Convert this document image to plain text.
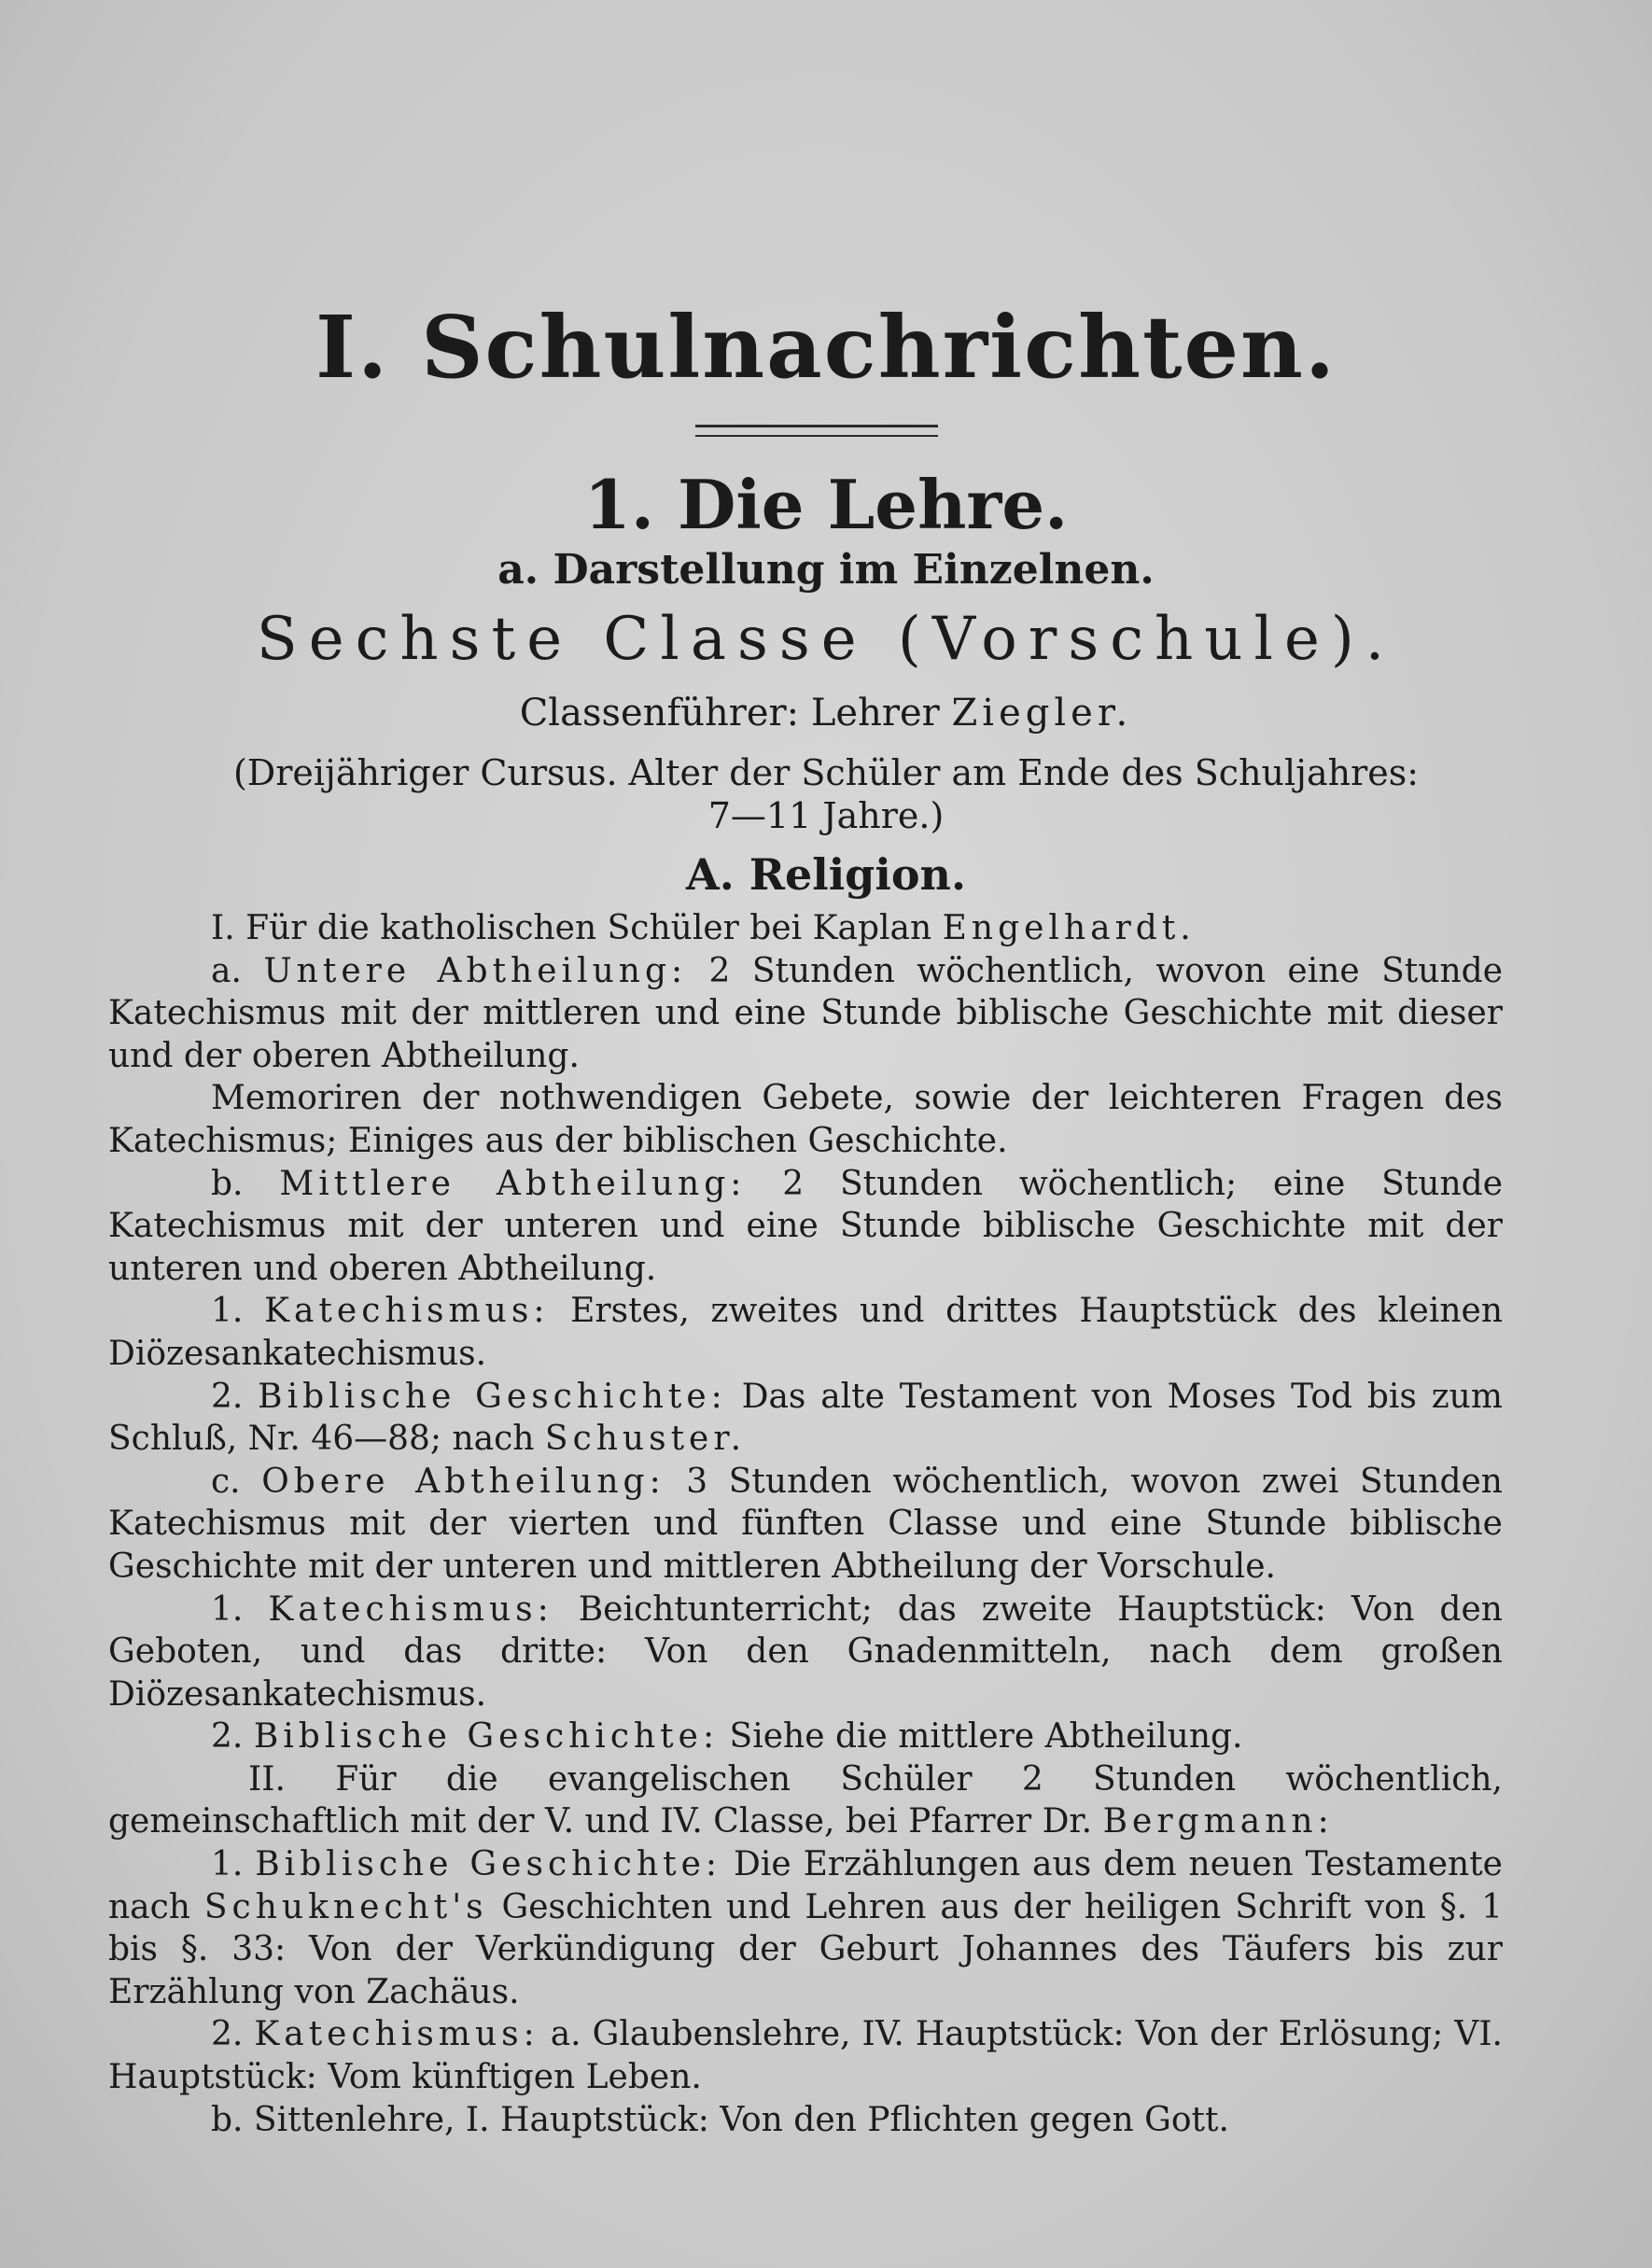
I. Schulnachrichten.
1. Die Lehre.
a. Darstellung im Einzelnen.
Sechste Classe (Vorschule).
Classenführer: Lehrer Ziegler.
(Dreijähriger Cursus. Alter der Schüler am Ende des Schuljahres:
7—11 Jahre.)
A. Religion.

I. Für die katholischen Schüler bei Kaplan Engelhardt.

a. Untere Abtheilung: 2 Stunden wöchentlich, wovon eine Stunde Katechismus mit der mittleren und eine Stunde biblische Geschichte mit dieser und der oberen Abtheilung.

Memoriren der nothwendigen Gebete, sowie der leichteren Fragen des Katechismus; Einiges aus der biblischen Geschichte.

b. Mittlere Abtheilung: 2 Stunden wöchentlich; eine Stunde Katechismus mit der unteren und eine Stunde biblische Geschichte mit der unteren und oberen Abtheilung.

1. Katechismus: Erstes, zweites und drittes Hauptstück des kleinen Diözesankatechismus.

2. Biblische Geschichte: Das alte Testament von Moses Tod bis zum Schluß, Nr. 46—88; nach Schuster.

c. Obere Abtheilung: 3 Stunden wöchentlich, wovon zwei Stunden Katechismus mit der vierten und fünften Classe und eine Stunde biblische Geschichte mit der unteren und mittleren Abtheilung der Vorschule.

1. Katechismus: Beichtunterricht; das zweite Hauptstück: Von den Geboten, und das dritte: Von den Gnadenmitteln, nach dem großen Diözesankatechismus.

2. Biblische Geschichte: Siehe die mittlere Abtheilung.

II. Für die evangelischen Schüler 2 Stunden wöchentlich, gemeinschaftlich mit der V. und IV. Classe, bei Pfarrer Dr. Bergmann:

1. Biblische Geschichte: Die Erzählungen aus dem neuen Testamente nach Schuknecht's Geschichten und Lehren aus der heiligen Schrift von §. 1 bis §. 33: Von der Verkündigung der Geburt Johannes des Täufers bis zur Erzählung von Zachäus.

2. Katechismus: a. Glaubenslehre, IV. Hauptstück: Von der Erlösung; VI. Hauptstück: Vom künftigen Leben.

b. Sittenlehre, I. Hauptstück: Von den Pflichten gegen Gott.
